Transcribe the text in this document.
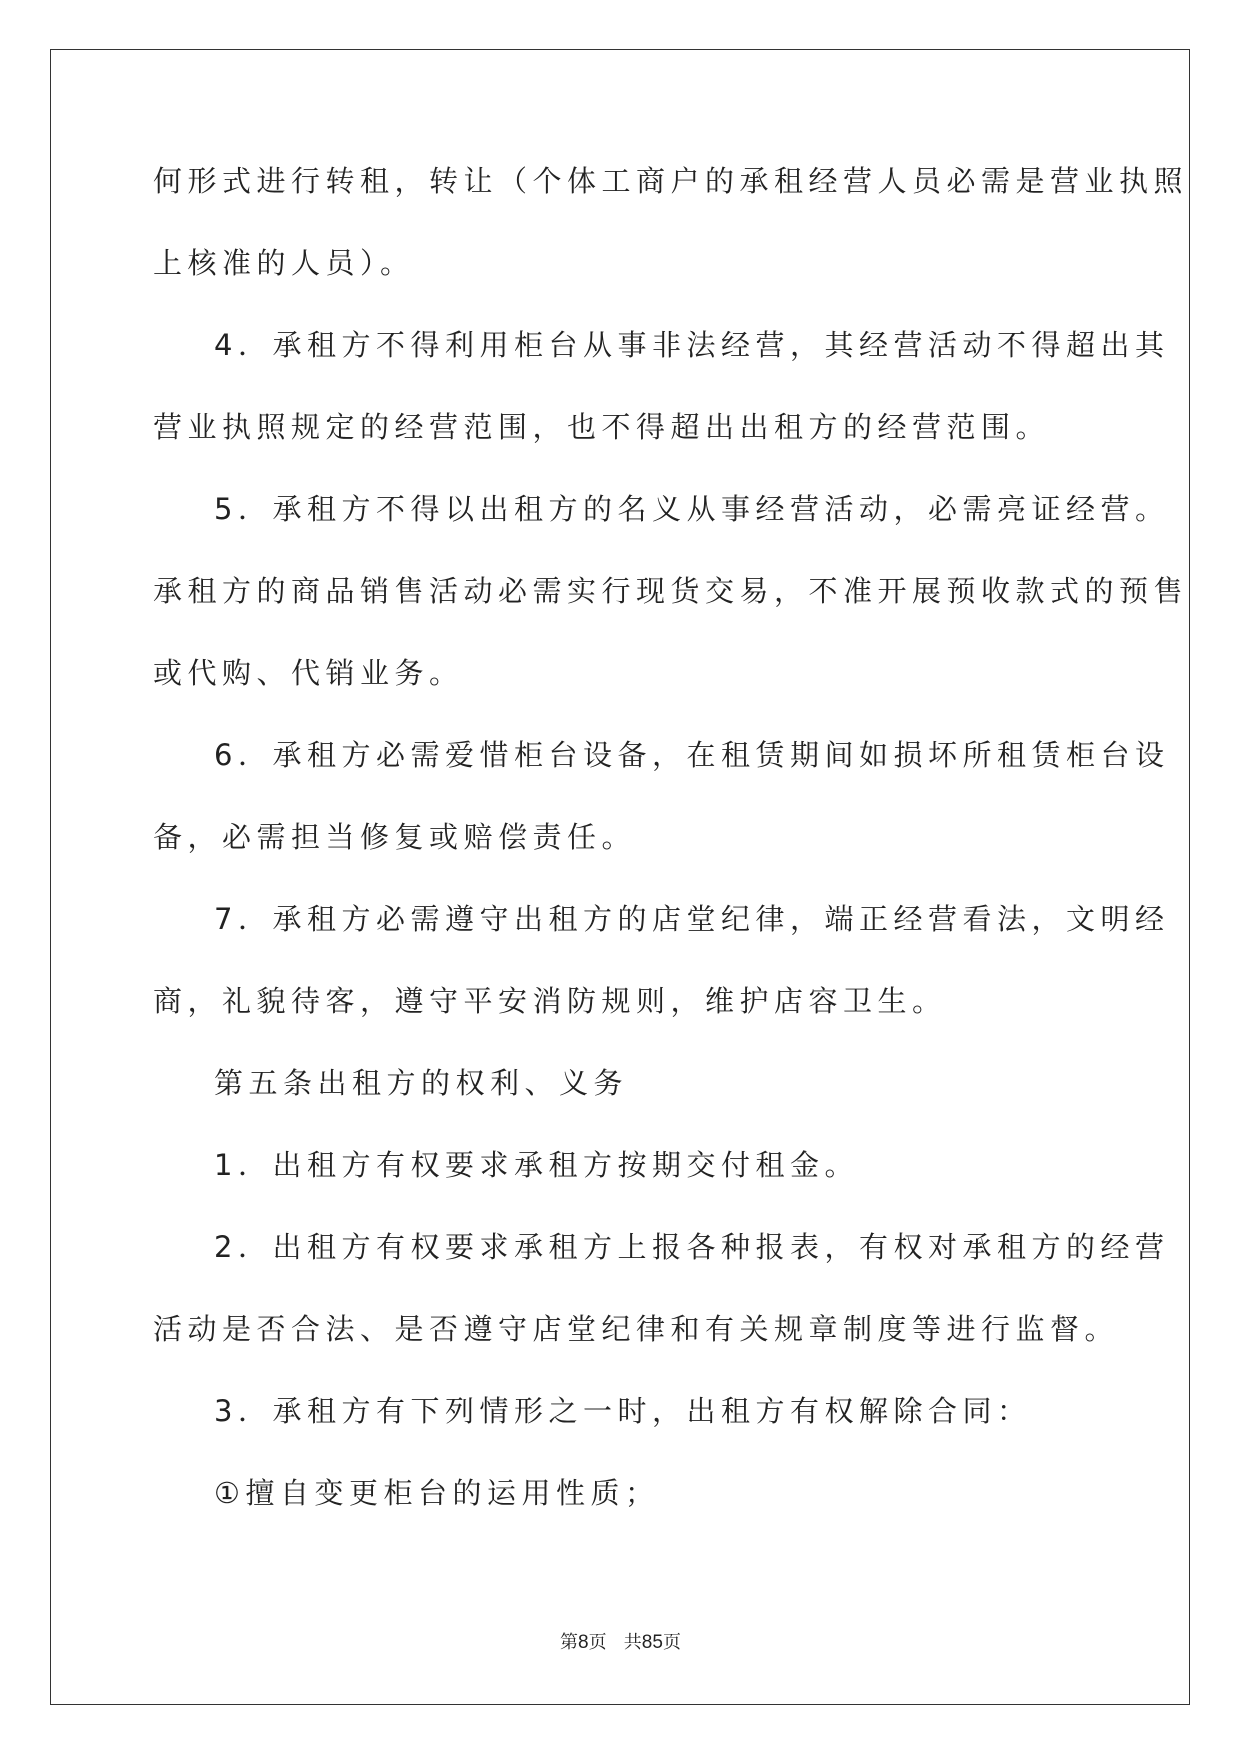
何形式进行转租，转让（个体工商户的承租经营人员必需是营业执照
上核准的人员）。
4．承租方不得利用柜台从事非法经营，其经营活动不得超出其
营业执照规定的经营范围，也不得超出出租方的经营范围。
5．承租方不得以出租方的名义从事经营活动，必需亮证经营。
承租方的商品销售活动必需实行现货交易，不准开展预收款式的预售
或代购、代销业务。
6．承租方必需爱惜柜台设备，在租赁期间如损坏所租赁柜台设
备，必需担当修复或赔偿责任。
7．承租方必需遵守出租方的店堂纪律，端正经营看法，文明经
商，礼貌待客，遵守平安消防规则，维护店容卫生。
第五条出租方的权利、义务
1．出租方有权要求承租方按期交付租金。
2．出租方有权要求承租方上报各种报表，有权对承租方的经营
活动是否合法、是否遵守店堂纪律和有关规章制度等进行监督。
3．承租方有下列情形之一时，出租方有权解除合同：
①擅自变更柜台的运用性质；
第8页 共85页
